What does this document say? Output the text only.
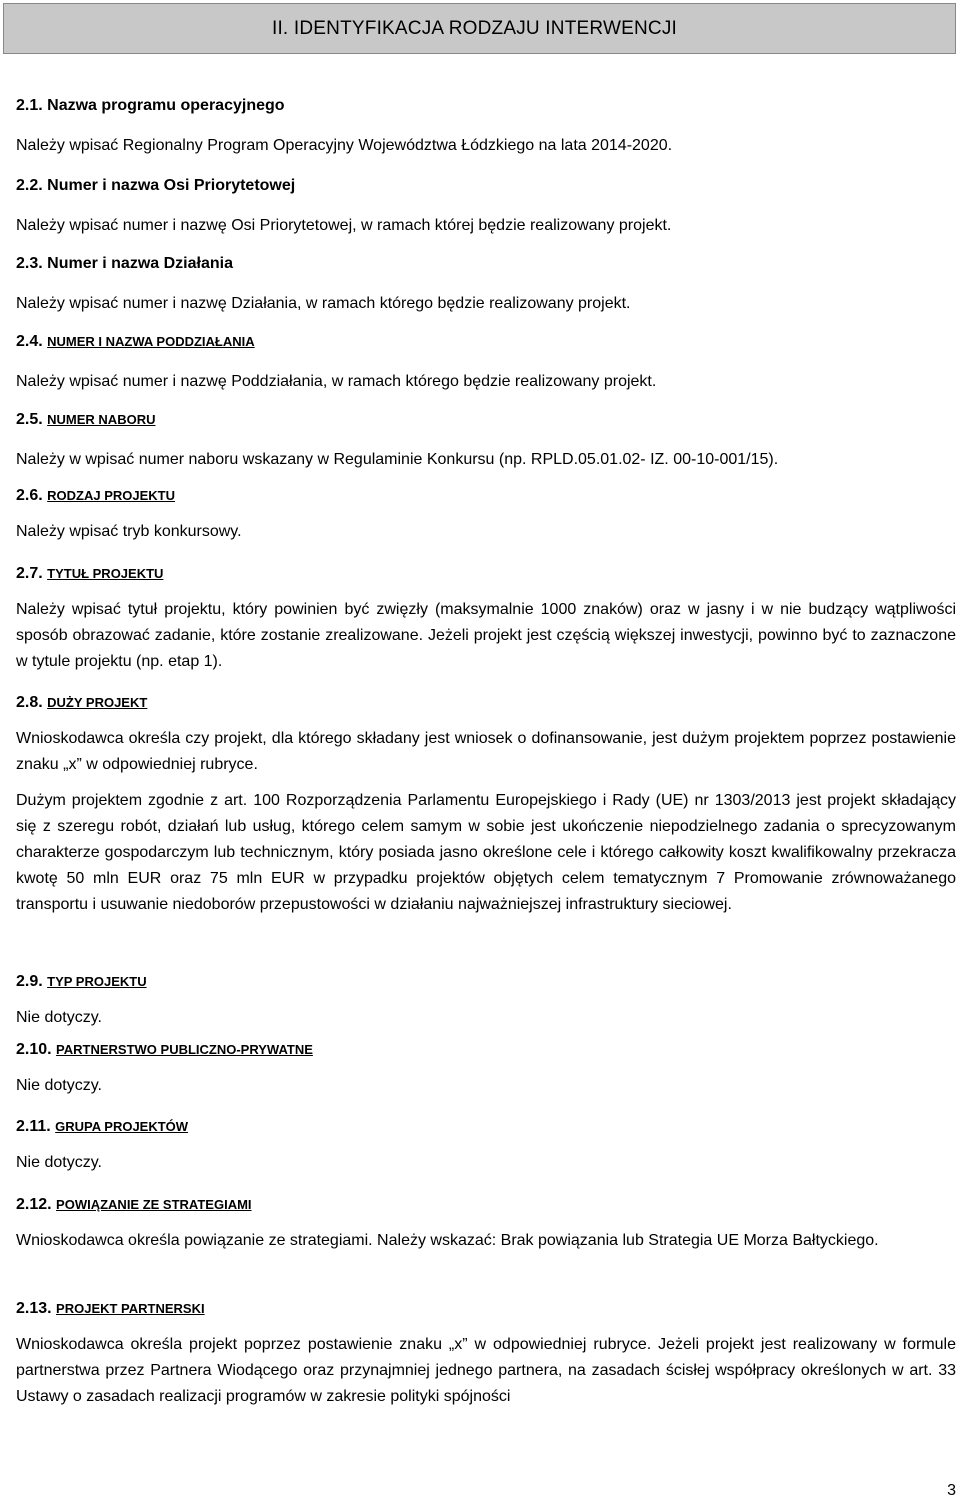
II. IDENTYFIKACJA RODZAJU INTERWENCJI
2.1. Nazwa programu operacyjnego
Należy wpisać Regionalny Program Operacyjny Województwa Łódzkiego na lata 2014-2020.
2.2. Numer i nazwa Osi Priorytetowej
Należy wpisać numer i nazwę Osi Priorytetowej, w ramach której będzie realizowany projekt.
2.3. Numer i nazwa Działania
Należy wpisać numer i nazwę Działania, w ramach którego będzie realizowany projekt.
2.4. NUMER I NAZWA PODDZIAŁANIA
Należy wpisać numer i nazwę Poddziałania, w ramach którego będzie realizowany projekt.
2.5. NUMER NABORU
Należy w wpisać numer naboru wskazany w Regulaminie Konkursu (np. RPLD.05.01.02- IZ. 00-10-001/15).
2.6. RODZAJ PROJEKTU
Należy wpisać tryb konkursowy.
2.7. TYTUŁ PROJEKTU
Należy wpisać tytuł projektu, który powinien być zwięzły (maksymalnie 1000 znaków) oraz w jasny i w nie budzący wątpliwości sposób obrazować zadanie, które zostanie zrealizowane. Jeżeli projekt jest częścią większej inwestycji, powinno być to zaznaczone w tytule projektu (np. etap 1).
2.8. DUŻY PROJEKT
Wnioskodawca określa czy projekt, dla którego składany jest wniosek o dofinansowanie, jest dużym projektem poprzez postawienie znaku „x” w odpowiedniej rubryce.
Dużym projektem zgodnie z art. 100 Rozporządzenia Parlamentu Europejskiego i Rady (UE) nr 1303/2013 jest projekt składający się z szeregu robót, działań lub usług, którego celem samym w sobie jest ukończenie niepodzielnego zadania o sprecyzowanym charakterze gospodarczym lub technicznym, który posiada jasno określone cele i którego całkowity koszt kwalifikowalny przekracza kwotę 50 mln EUR oraz 75 mln EUR w przypadku projektów objętych celem tematycznym 7 Promowanie zrównoważanego transportu i usuwanie niedoborów przepustowości w działaniu najważniejszej infrastruktury sieciowej.
2.9. TYP PROJEKTU
Nie dotyczy.
2.10. PARTNERSTWO PUBLICZNO-PRYWATNE
Nie dotyczy.
2.11. GRUPA PROJEKTÓW
Nie dotyczy.
2.12. POWIĄZANIE ZE STRATEGIAMI
Wnioskodawca określa powiązanie ze strategiami. Należy wskazać: Brak powiązania lub Strategia UE Morza Bałtyckiego.
2.13. PROJEKT PARTNERSKI
Wnioskodawca określa projekt poprzez postawienie znaku „x” w odpowiedniej rubryce. Jeżeli projekt jest realizowany w formule partnerstwa przez Partnera Wiodącego oraz przynajmniej jednego partnera, na zasadach ścisłej współpracy określonych w art. 33 Ustawy o zasadach realizacji programów w zakresie polityki spójności
3
